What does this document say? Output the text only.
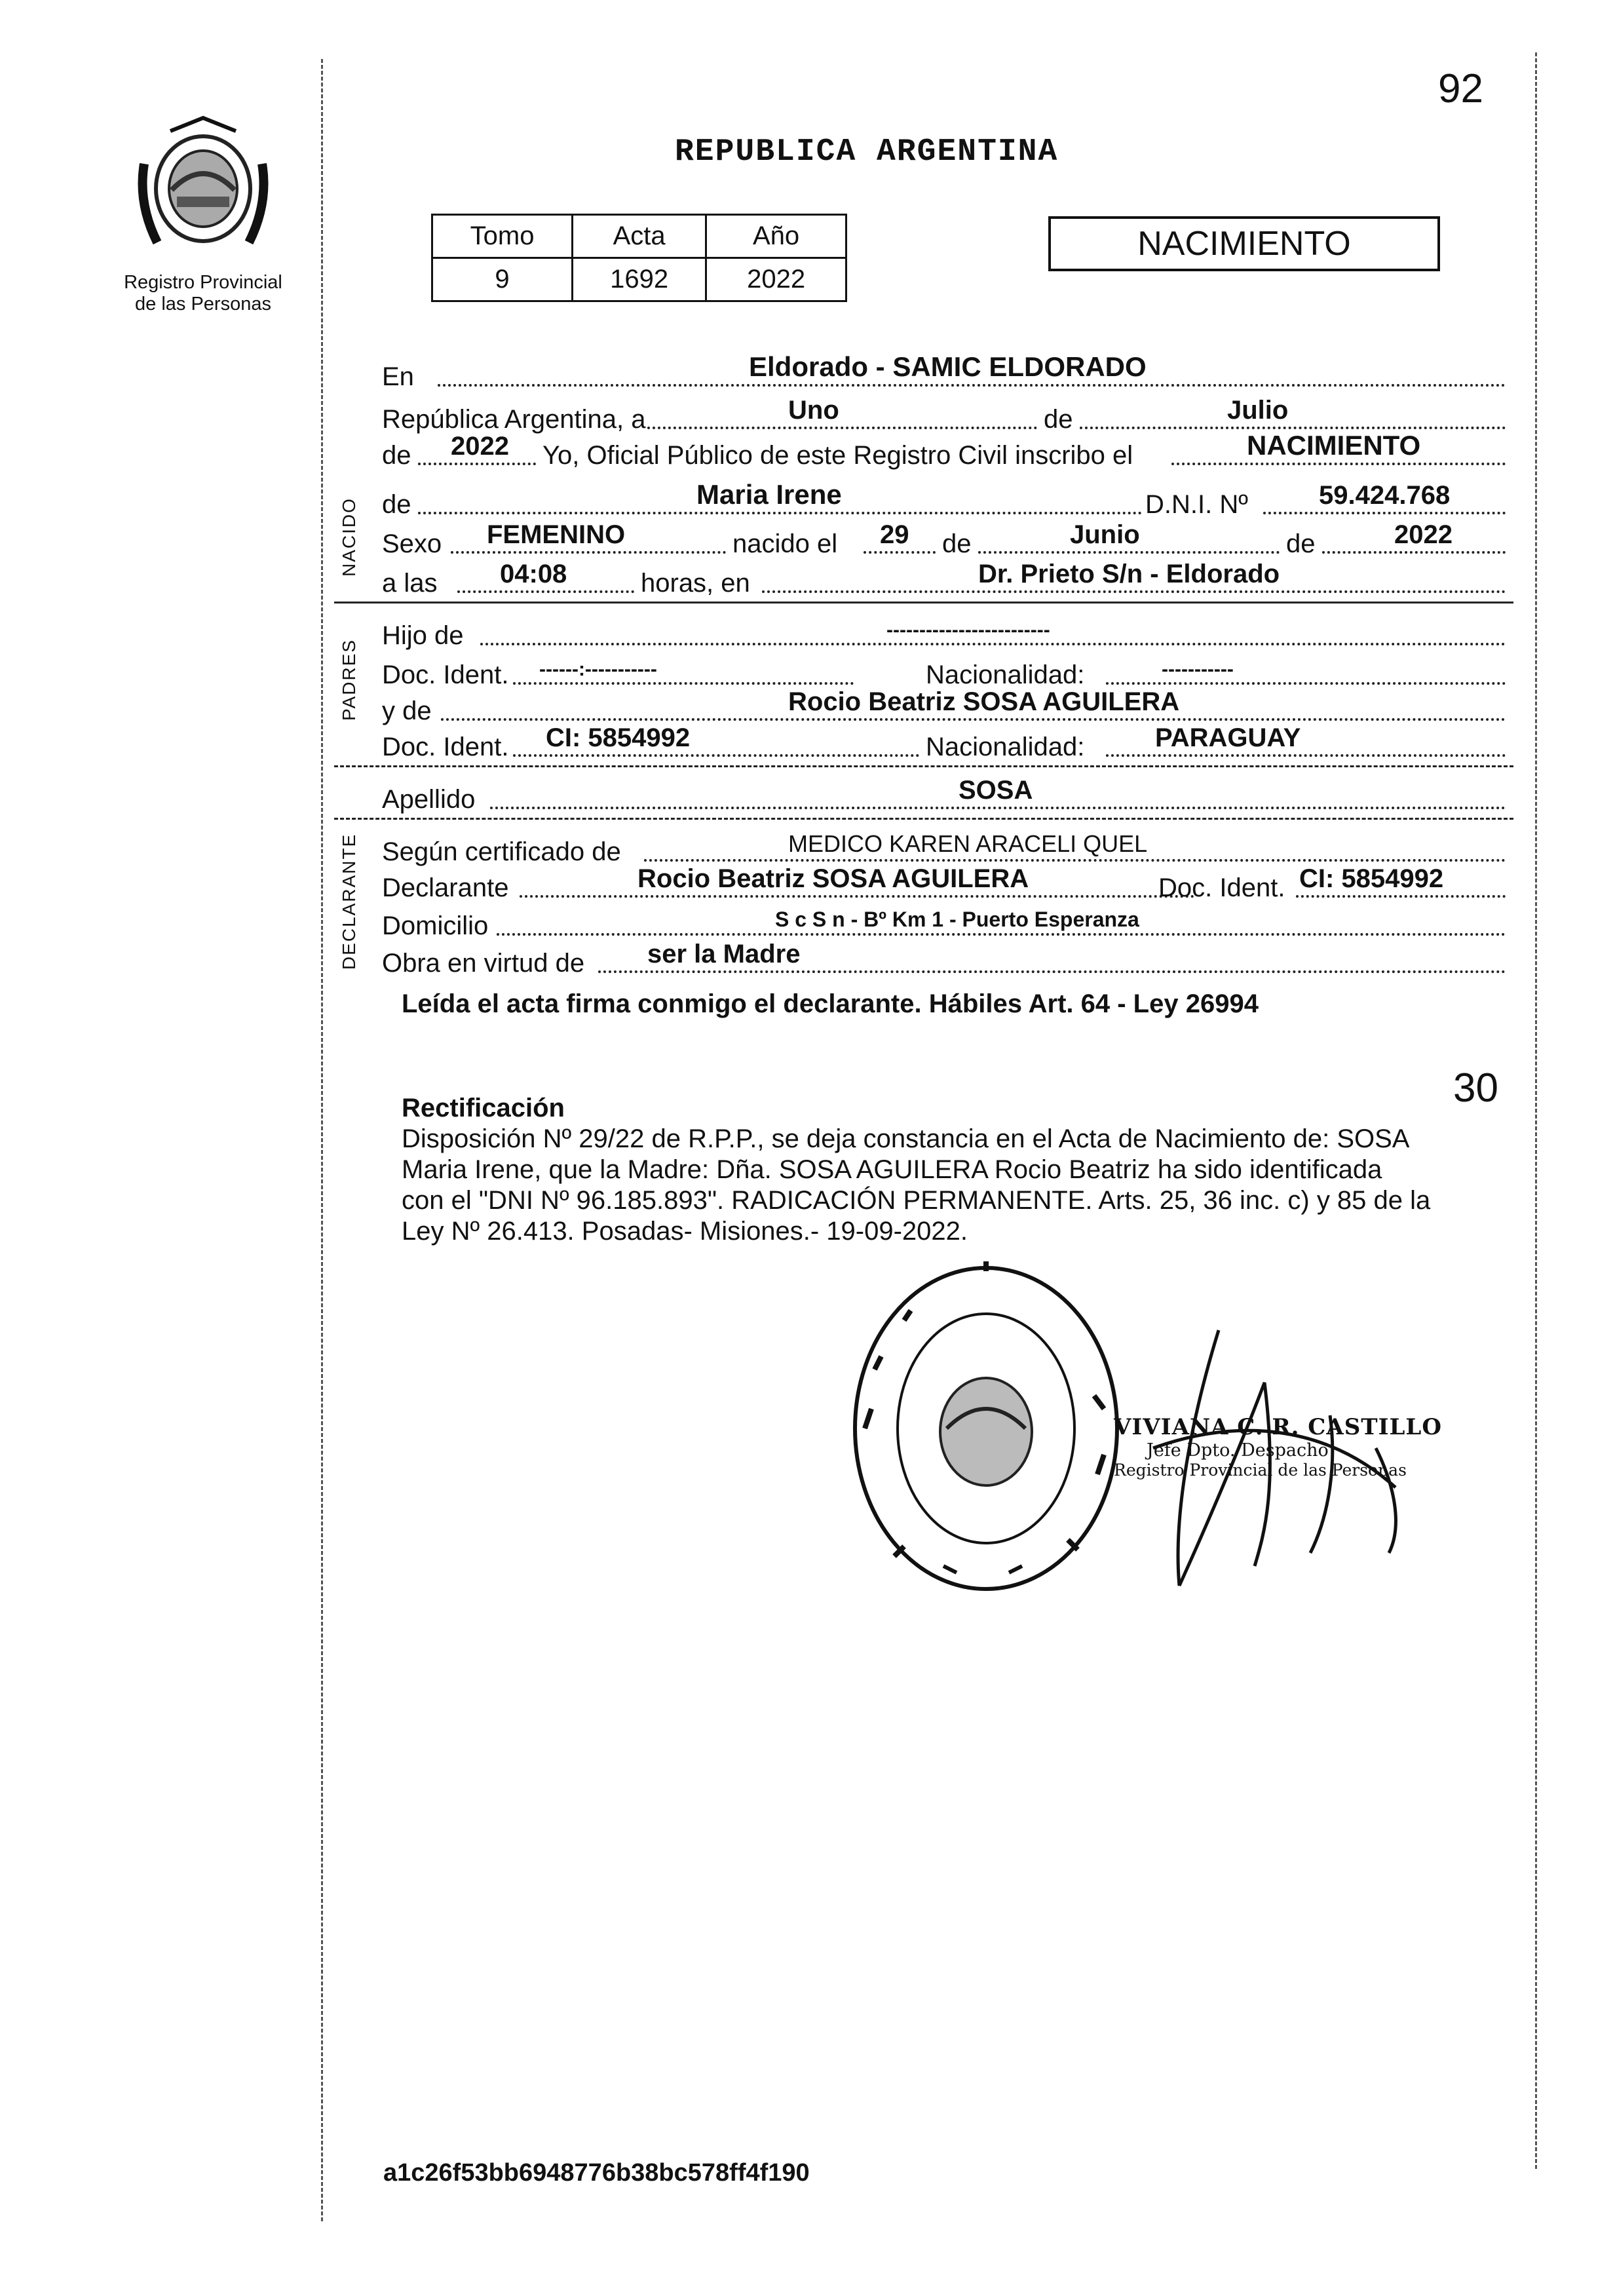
Registro Provincial
de las Personas
92
REPUBLICA ARGENTINA
Tomo	Acta	Año
9	1692	2022
NACIMIENTO
NACIDO
PADRES
DECLARANTE
En	Eldorado - SAMIC ELDORADO
República Argentina, a	Uno	de	Julio
de 2022 Yo, Oficial Público de este Registro Civil inscribo el	NACIMIENTO
de	Maria Irene	D.N.I. Nº	59.424.768
Sexo FEMENINO	nacido el 29 de	Junio	de	2022
a las 04:08	horas, en	Dr. Prieto S/n - Eldorado
Hijo de	-------------------------
Doc. Ident. ------:-----------	Nacionalidad:	-----------
y de	Rocio Beatriz SOSA AGUILERA
Doc. Ident. CI: 5854992	Nacionalidad:	PARAGUAY
Apellido	SOSA
Según certificado de	MEDICO KAREN ARACELI QUEL
Declarante	Rocio Beatriz SOSA AGUILERA	Doc. Ident. CI: 5854992
Domicilio	S c S n - Bº Km 1 - Puerto Esperanza
Obra en virtud de ser la Madre
Leída el acta firma conmigo el declarante. Hábiles Art. 64 - Ley 26994
30
Rectificación
Disposición Nº 29/22 de R.P.P., se deja constancia en el Acta de Nacimiento de: SOSA
Maria Irene, que la Madre: Dña. SOSA AGUILERA Rocio Beatriz ha sido identificada
con el "DNI Nº 96.185.893". RADICACIÓN PERMANENTE. Arts. 25, 36 inc. c) y 85 de la
Ley Nº 26.413. Posadas- Misiones.- 19-09-2022.
VIVIANA C. R. CASTILLO
Jefe Dpto. Despacho
Registro Provincial de las Personas
a1c26f53bb6948776b38bc578ff4f190
